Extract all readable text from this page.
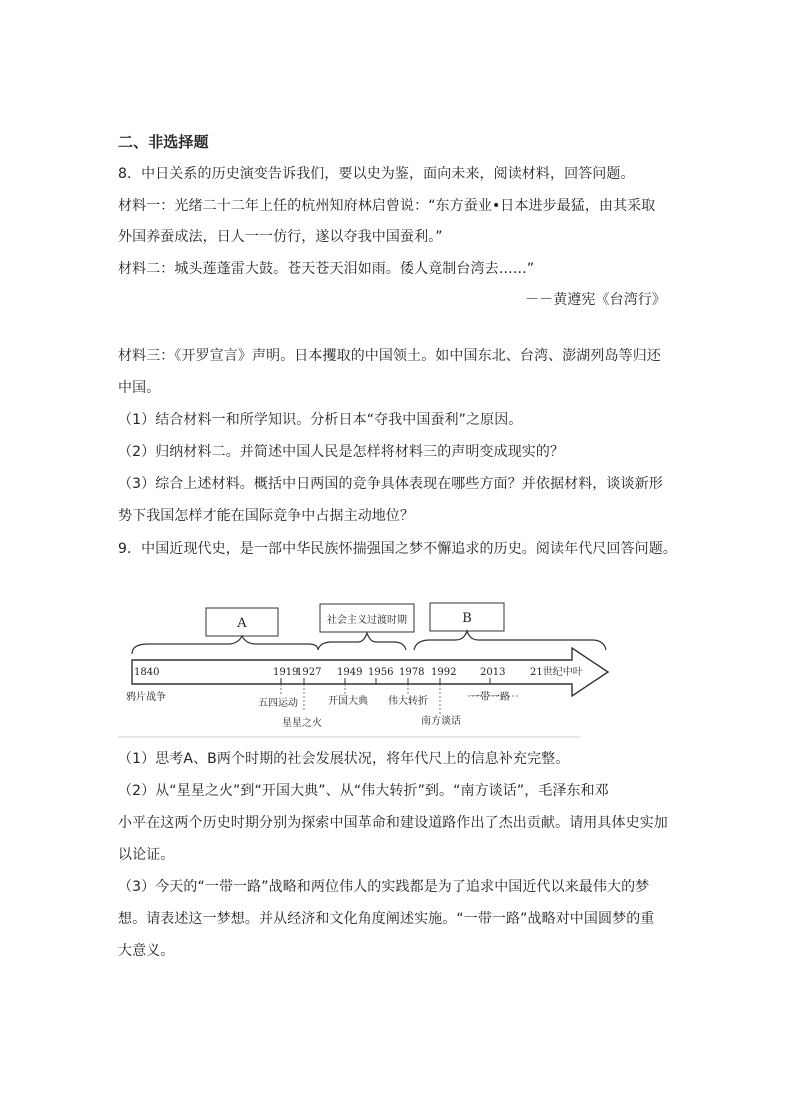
二、非选择题
8．中日关系的历史演变告诉我们，要以史为鉴，面向未来，阅读材料，回答问题。
材料一：光绪二十二年上任的杭州知府林启曾说：“东方蚕业•日本进步最猛，由其采取
外国养蚕成法，日人一一仿行，遂以夺我中国蚕利。”
材料二：城头莲蓬雷大鼓。苍天苍天泪如雨。倭人竟制台湾去……”
－－黄遵宪《台湾行》
材料三：《开罗宣言》声明。日本攫取的中国领土。如中国东北、台湾、澎湖列岛等归还
中国。
（1）结合材料一和所学知识。分析日本“夺我中国蚕利”之原因。
（2）归纳材料二。并简述中国人民是怎样将材料三的声明变成现实的？
（3）综合上述材料。概括中日两国的竞争具体表现在哪些方面？并依据材料，谈谈新形
势下我国怎样才能在国际竞争中占据主动地位？
9．中国近现代史，是一部中华民族怀揣强国之梦不懈追求的历史。阅读年代尺回答问题。
A	社会主义过渡时期	B
1840	1919
1927 1949 1956 1978 1992 2013 21世纪中叶
鸦片战争
五四运动
星星之火
开国大典 伟大转折
南方谈话
一带一路
（1）思考A、B两个时期的社会发展状况，将年代尺上的信息补充完整。
（2）从“星星之火”到“开国大典”、从“伟大转折”到。“南方谈话”，毛泽东和邓
小平在这两个历史时期分别为探索中国革命和建设道路作出了杰出贡献。请用具体史实加
以论证。
（3）今天的“一带一路”战略和两位伟人的实践都是为了追求中国近代以来最伟大的梦
想。请表述这一梦想。并从经济和文化角度阐述实施。“一带一路”战略对中国圆梦的重
大意义。
